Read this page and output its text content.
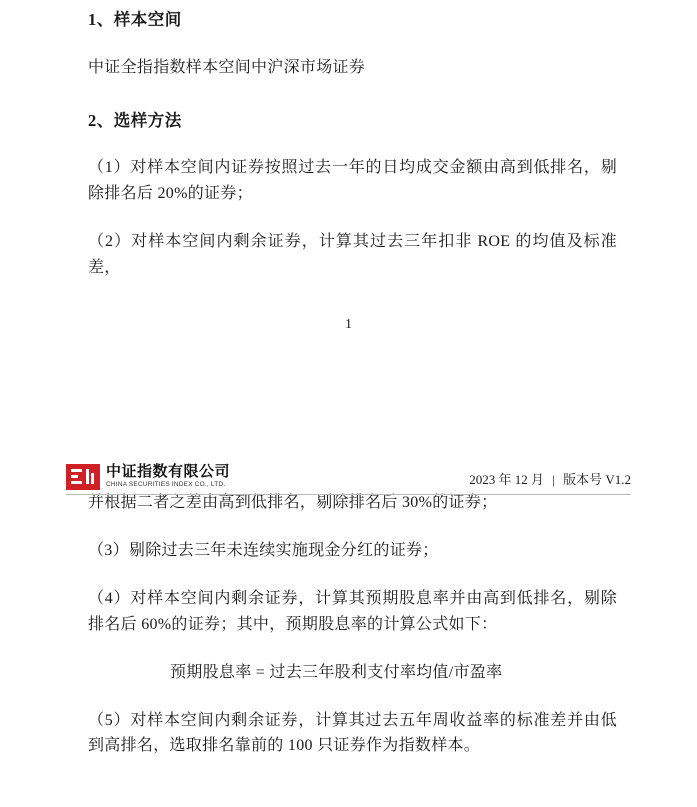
1、样本空间

中证全指指数样本空间中沪深市场证券

2、选样方法

（1）对样本空间内证券按照过去一年的日均成交金额由高到低排名，剔除排名后 20%的证券；

（2）对样本空间内剩余证券，计算其过去三年扣非 ROE 的均值及标准差，

1
中证指数有限公司
CHINA SECURITIES INDEX CO., LTD.	2023 年 12 月 | 版本号 V1.2

并根据二者之差由高到低排名，剔除排名后 30%的证券；

（3）剔除过去三年未连续实施现金分红的证券；

（4）对样本空间内剩余证券，计算其预期股息率并由高到低排名，剔除排名后 60%的证券；其中，预期股息率的计算公式如下：

预期股息率 = 过去三年股利支付率均值/市盈率

（5）对样本空间内剩余证券，计算其过去五年周收益率的标准差并由低到高排名，选取排名靠前的 100 只证券作为指数样本。
